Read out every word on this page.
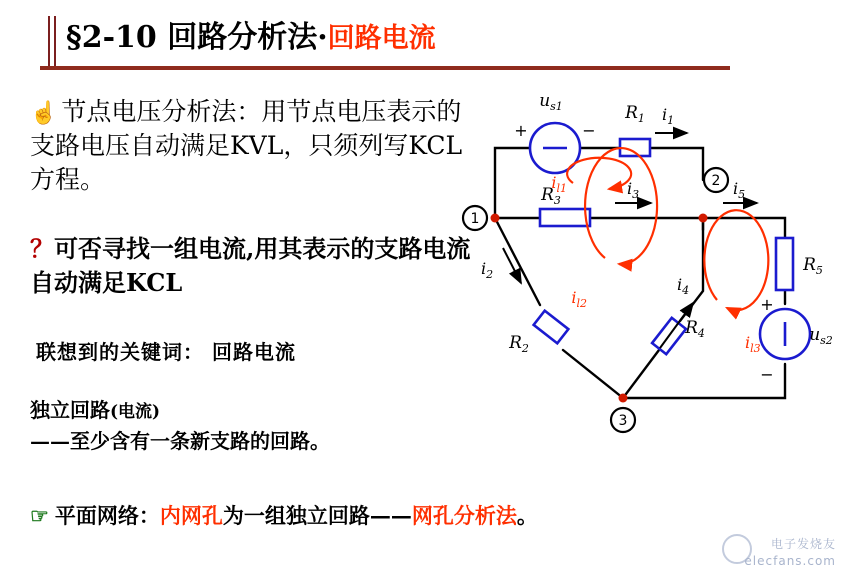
§2-10 回路分析法·回路电流
☝ 节点电压分析法：用节点电压表示的支路电压自动满足KVL，只须列写KCL方程。
？可否寻找一组电流,用其表示的支路电流自动满足KCL
联想到的关键词： 回路电流
独立回路(电流)
——至少含有一条新支路的回路。
☞ 平面网络：内网孔为一组独立回路——网孔分析法。
1
2
3
+	−
$u_{s1}$	$R_1$
$R_3$
$R_2$
$R_4$
$R_5$
+
−
$u_{s2}$
$i_1$
$i_3$	$i_5$
$i_2$
$i_4$
$i_{l1}$
$i_{l2}$
$i_{l3}$
电子发烧友
elecfans.com
